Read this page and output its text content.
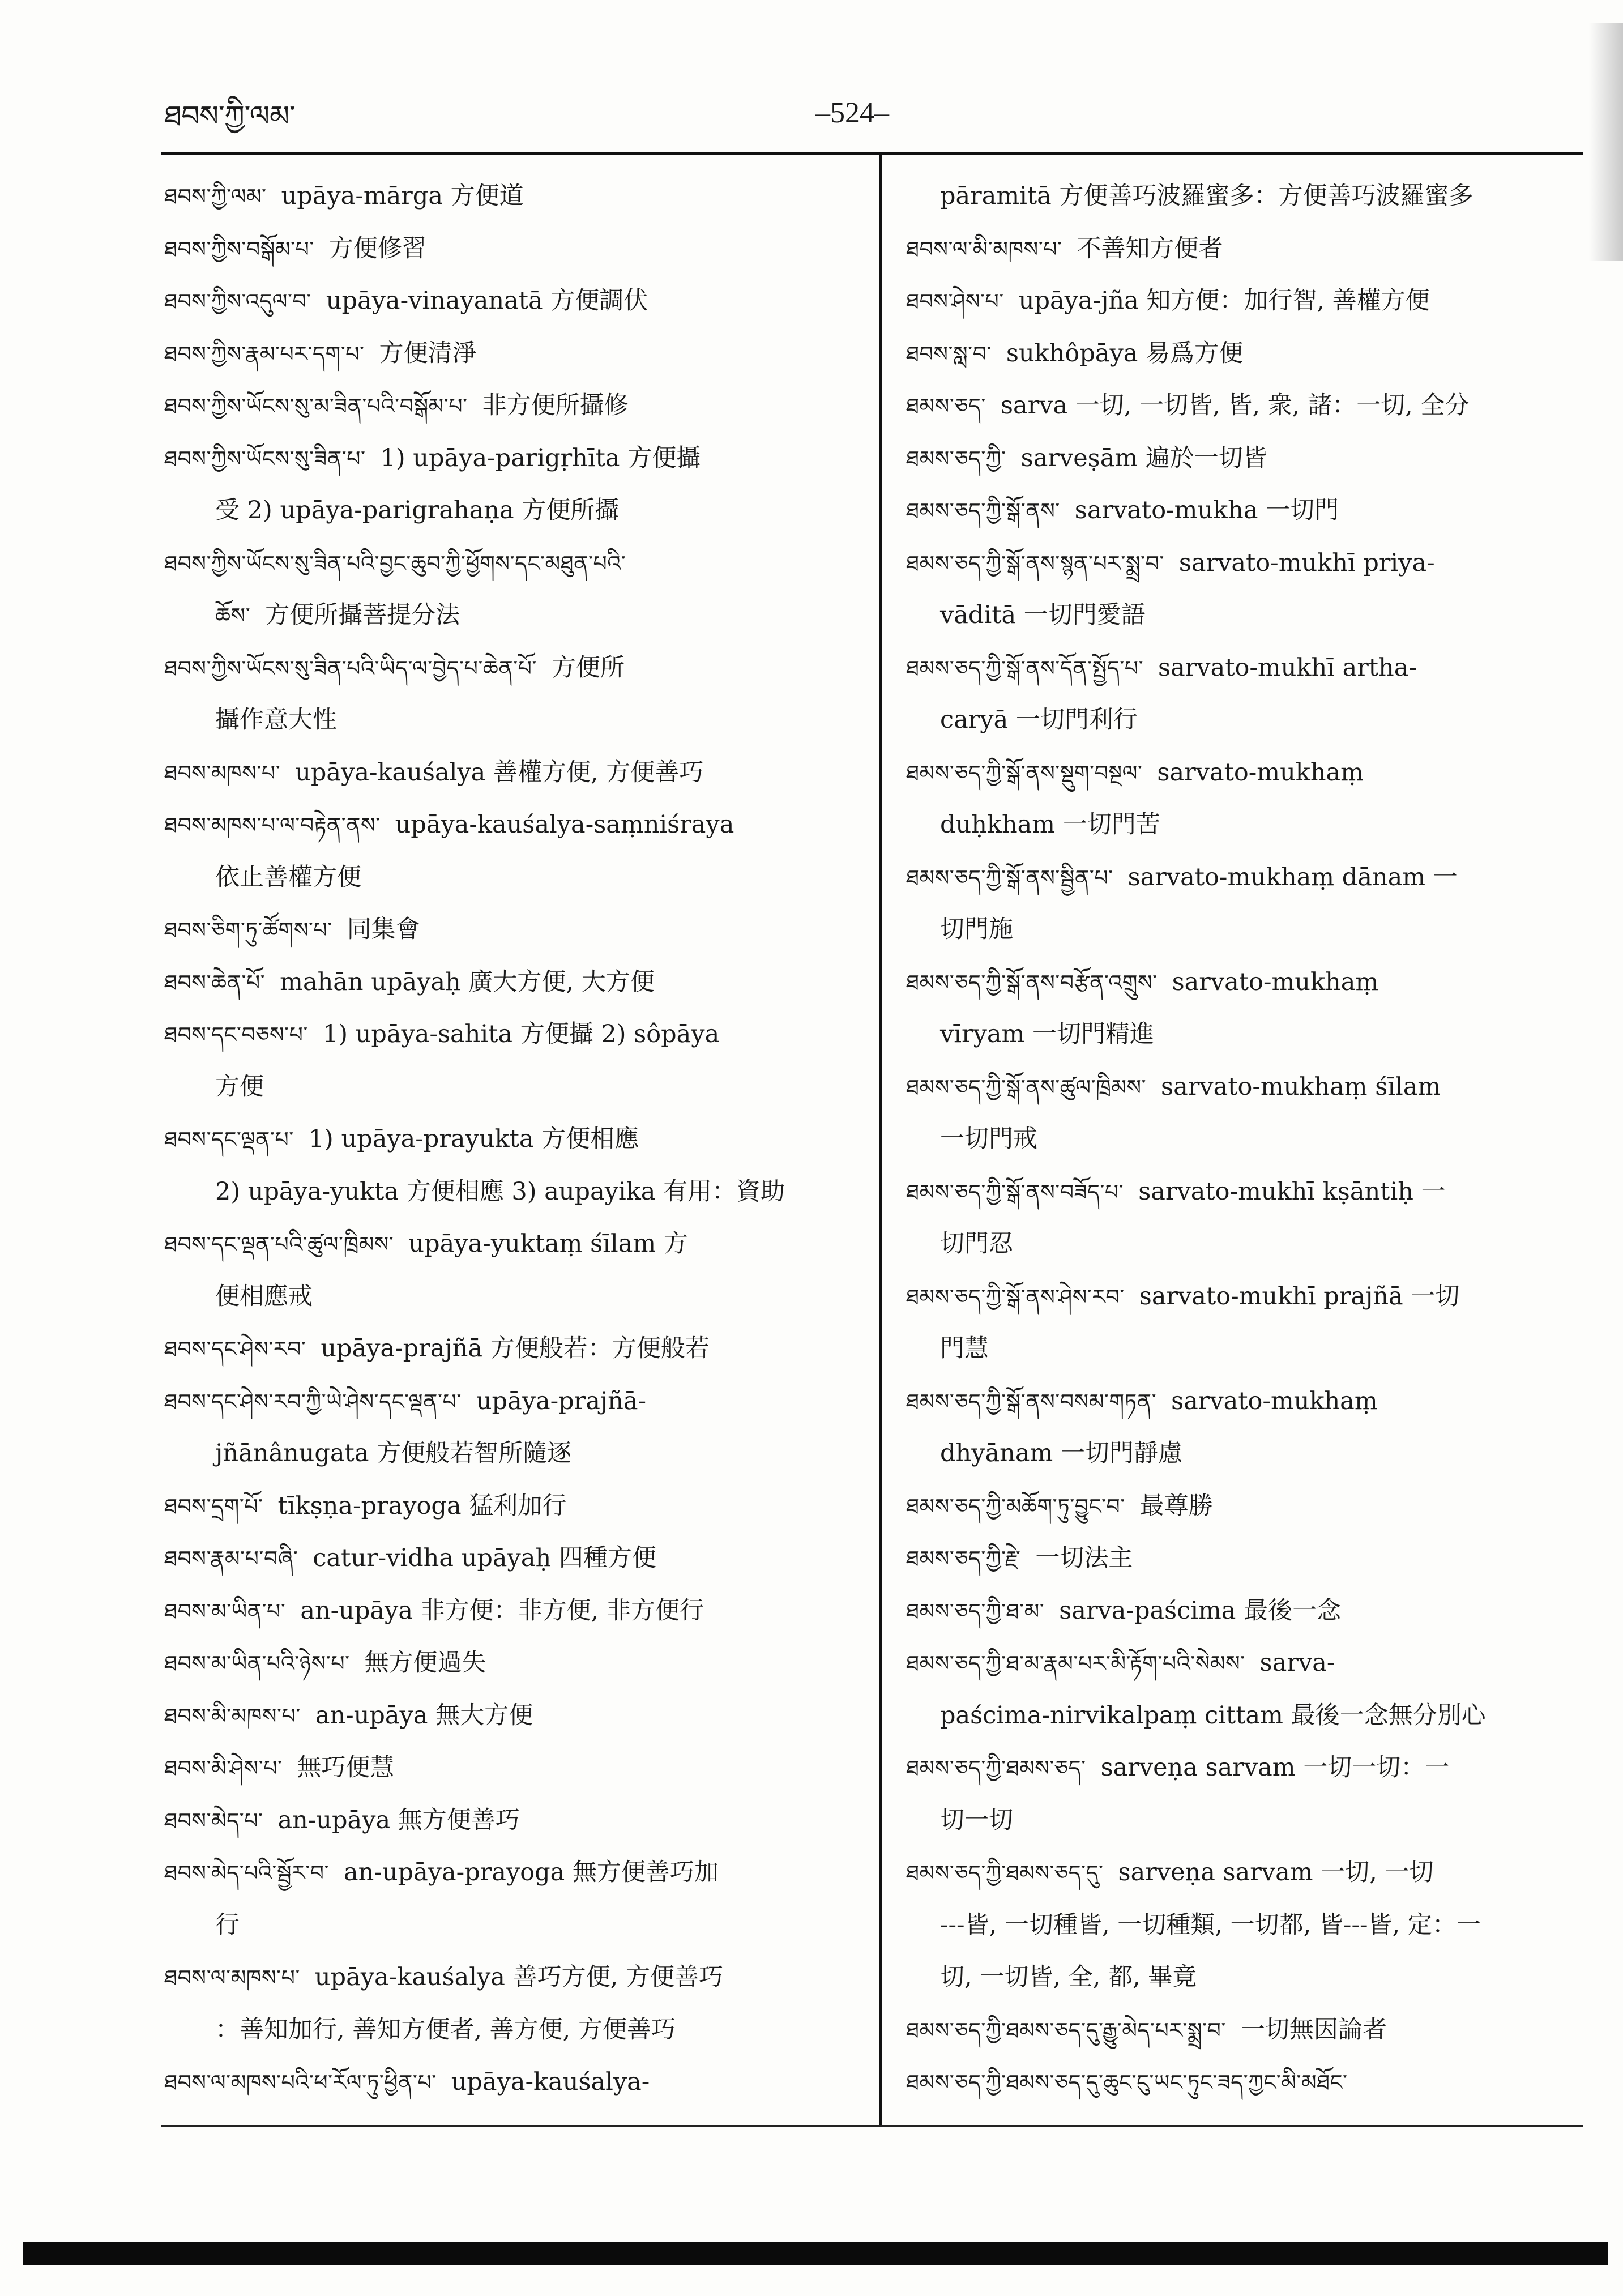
ཐབས་ཀྱི་ལམ་	–524–
ཐབས་ཀྱི་ལམ་ upāya-mārga 方便道
ཐབས་ཀྱིས་བསྒོམ་པ་ 方便修習
ཐབས་ཀྱིས་འདུལ་བ་ upāya-vinayanatā 方便調伏
ཐབས་ཀྱིས་རྣམ་པར་དག་པ་ 方便清淨
ཐབས་ཀྱིས་ཡོངས་སུ་མ་ཟིན་པའི་བསྒོམ་པ་ 非方便所攝修
ཐབས་ཀྱིས་ཡོངས་སུ་ཟིན་པ་ 1) upāya-parigṛhīta 方便攝
受 2) upāya-parigrahaṇa 方便所攝
ཐབས་ཀྱིས་ཡོངས་སུ་ཟིན་པའི་བྱང་ཆུབ་ཀྱི་ཕྱོགས་དང་མཐུན་པའི་
ཆོས་ 方便所攝菩提分法
ཐབས་ཀྱིས་ཡོངས་སུ་ཟིན་པའི་ཡིད་ལ་བྱེད་པ་ཆེན་པོ་ 方便所
攝作意大性
ཐབས་མཁས་པ་ upāya-kauśalya 善權方便, 方便善巧
ཐབས་མཁས་པ་ལ་བརྟེན་ནས་ upāya-kauśalya-saṃniśraya
依止善權方便
ཐབས་ཅིག་ཏུ་ཚོགས་པ་ 同集會
ཐབས་ཆེན་པོ་ mahān upāyaḥ 廣大方便, 大方便
ཐབས་དང་བཅས་པ་ 1) upāya-sahita 方便攝 2) sôpāya
方便
ཐབས་དང་ལྡན་པ་ 1) upāya-prayukta 方便相應
2) upāya-yukta 方便相應 3) aupayika 有用：資助
ཐབས་དང་ལྡན་པའི་ཚུལ་ཁྲིམས་ upāya-yuktaṃ śīlam 方
便相應戒
ཐབས་དང་ཤེས་རབ་ upāya-prajñā 方便般若：方便般若
ཐབས་དང་ཤེས་རབ་ཀྱི་ཡེ་ཤེས་དང་ལྡན་པ་ upāya-prajñā-
jñānânugata 方便般若智所隨逐
ཐབས་དྲག་པོ་ tīkṣṇa-prayoga 猛利加行
ཐབས་རྣམ་པ་བཞི་ catur-vidha upāyaḥ 四種方便
ཐབས་མ་ཡིན་པ་ an-upāya 非方便：非方便, 非方便行
ཐབས་མ་ཡིན་པའི་ཉེས་པ་ 無方便過失
ཐབས་མི་མཁས་པ་ an-upāya 無大方便
ཐབས་མི་ཤེས་པ་ 無巧便慧
ཐབས་མེད་པ་ an-upāya 無方便善巧
ཐབས་མེད་པའི་སྦྱོར་བ་ an-upāya-prayoga 無方便善巧加
行
ཐབས་ལ་མཁས་པ་ upāya-kauśalya 善巧方便, 方便善巧
：善知加行, 善知方便者, 善方便, 方便善巧
ཐབས་ལ་མཁས་པའི་ཕ་རོལ་ཏུ་ཕྱིན་པ་ upāya-kauśalya-
pāramitā 方便善巧波羅蜜多：方便善巧波羅蜜多
ཐབས་ལ་མི་མཁས་པ་ 不善知方便者
ཐབས་ཤེས་པ་ upāya-jña 知方便：加行智, 善權方便
ཐབས་སླ་བ་ sukhôpāya 易爲方便
ཐམས་ཅད་ sarva 一切, 一切皆, 皆, 衆, 諸：一切, 全分
ཐམས་ཅད་ཀྱི་ sarveṣām 遍於一切皆
ཐམས་ཅད་ཀྱི་སྒོ་ནས་ sarvato-mukha 一切門
ཐམས་ཅད་ཀྱི་སྒོ་ནས་སྙན་པར་སྨྲ་བ་ sarvato-mukhī priya-
vāditā 一切門愛語
ཐམས་ཅད་ཀྱི་སྒོ་ནས་དོན་སྤྱོད་པ་ sarvato-mukhī artha-
caryā 一切門利行
ཐམས་ཅད་ཀྱི་སྒོ་ནས་སྡུག་བསྔལ་ sarvato-mukhaṃ
duḥkham 一切門苦
ཐམས་ཅད་ཀྱི་སྒོ་ནས་སྦྱིན་པ་ sarvato-mukhaṃ dānam 一
切門施
ཐམས་ཅད་ཀྱི་སྒོ་ནས་བརྩོན་འགྲུས་ sarvato-mukhaṃ
vīryam 一切門精進
ཐམས་ཅད་ཀྱི་སྒོ་ནས་ཚུལ་ཁྲིམས་ sarvato-mukhaṃ śīlam
一切門戒
ཐམས་ཅད་ཀྱི་སྒོ་ནས་བཟོད་པ་ sarvato-mukhī kṣāntiḥ 一
切門忍
ཐམས་ཅད་ཀྱི་སྒོ་ནས་ཤེས་རབ་ sarvato-mukhī prajñā 一切
門慧
ཐམས་ཅད་ཀྱི་སྒོ་ནས་བསམ་གཏན་ sarvato-mukhaṃ
dhyānam 一切門靜慮
ཐམས་ཅད་ཀྱི་མཆོག་ཏུ་བྱུང་བ་ 最尊勝
ཐམས་ཅད་ཀྱི་རྗེ་ 一切法主
ཐམས་ཅད་ཀྱི་ཐ་མ་ sarva-paścima 最後一念
ཐམས་ཅད་ཀྱི་ཐ་མ་རྣམ་པར་མི་རྟོག་པའི་སེམས་ sarva-
paścima-nirvikalpaṃ cittam 最後一念無分別心
ཐམས་ཅད་ཀྱི་ཐམས་ཅད་ sarveṇa sarvam 一切一切：一
切一切
ཐམས་ཅད་ཀྱི་ཐམས་ཅད་དུ་ sarveṇa sarvam 一切, 一切
---皆, 一切種皆, 一切種類, 一切都, 皆---皆, 定：一
切, 一切皆, 全, 都, 畢竟
ཐམས་ཅད་ཀྱི་ཐམས་ཅད་དུ་རྒྱུ་མེད་པར་སྨྲ་བ་ 一切無因論者
ཐམས་ཅད་ཀྱི་ཐམས་ཅད་དུ་ཆུང་ངུ་ཡང་ཏུང་ཟད་ཀྱང་མི་མཐོང་
